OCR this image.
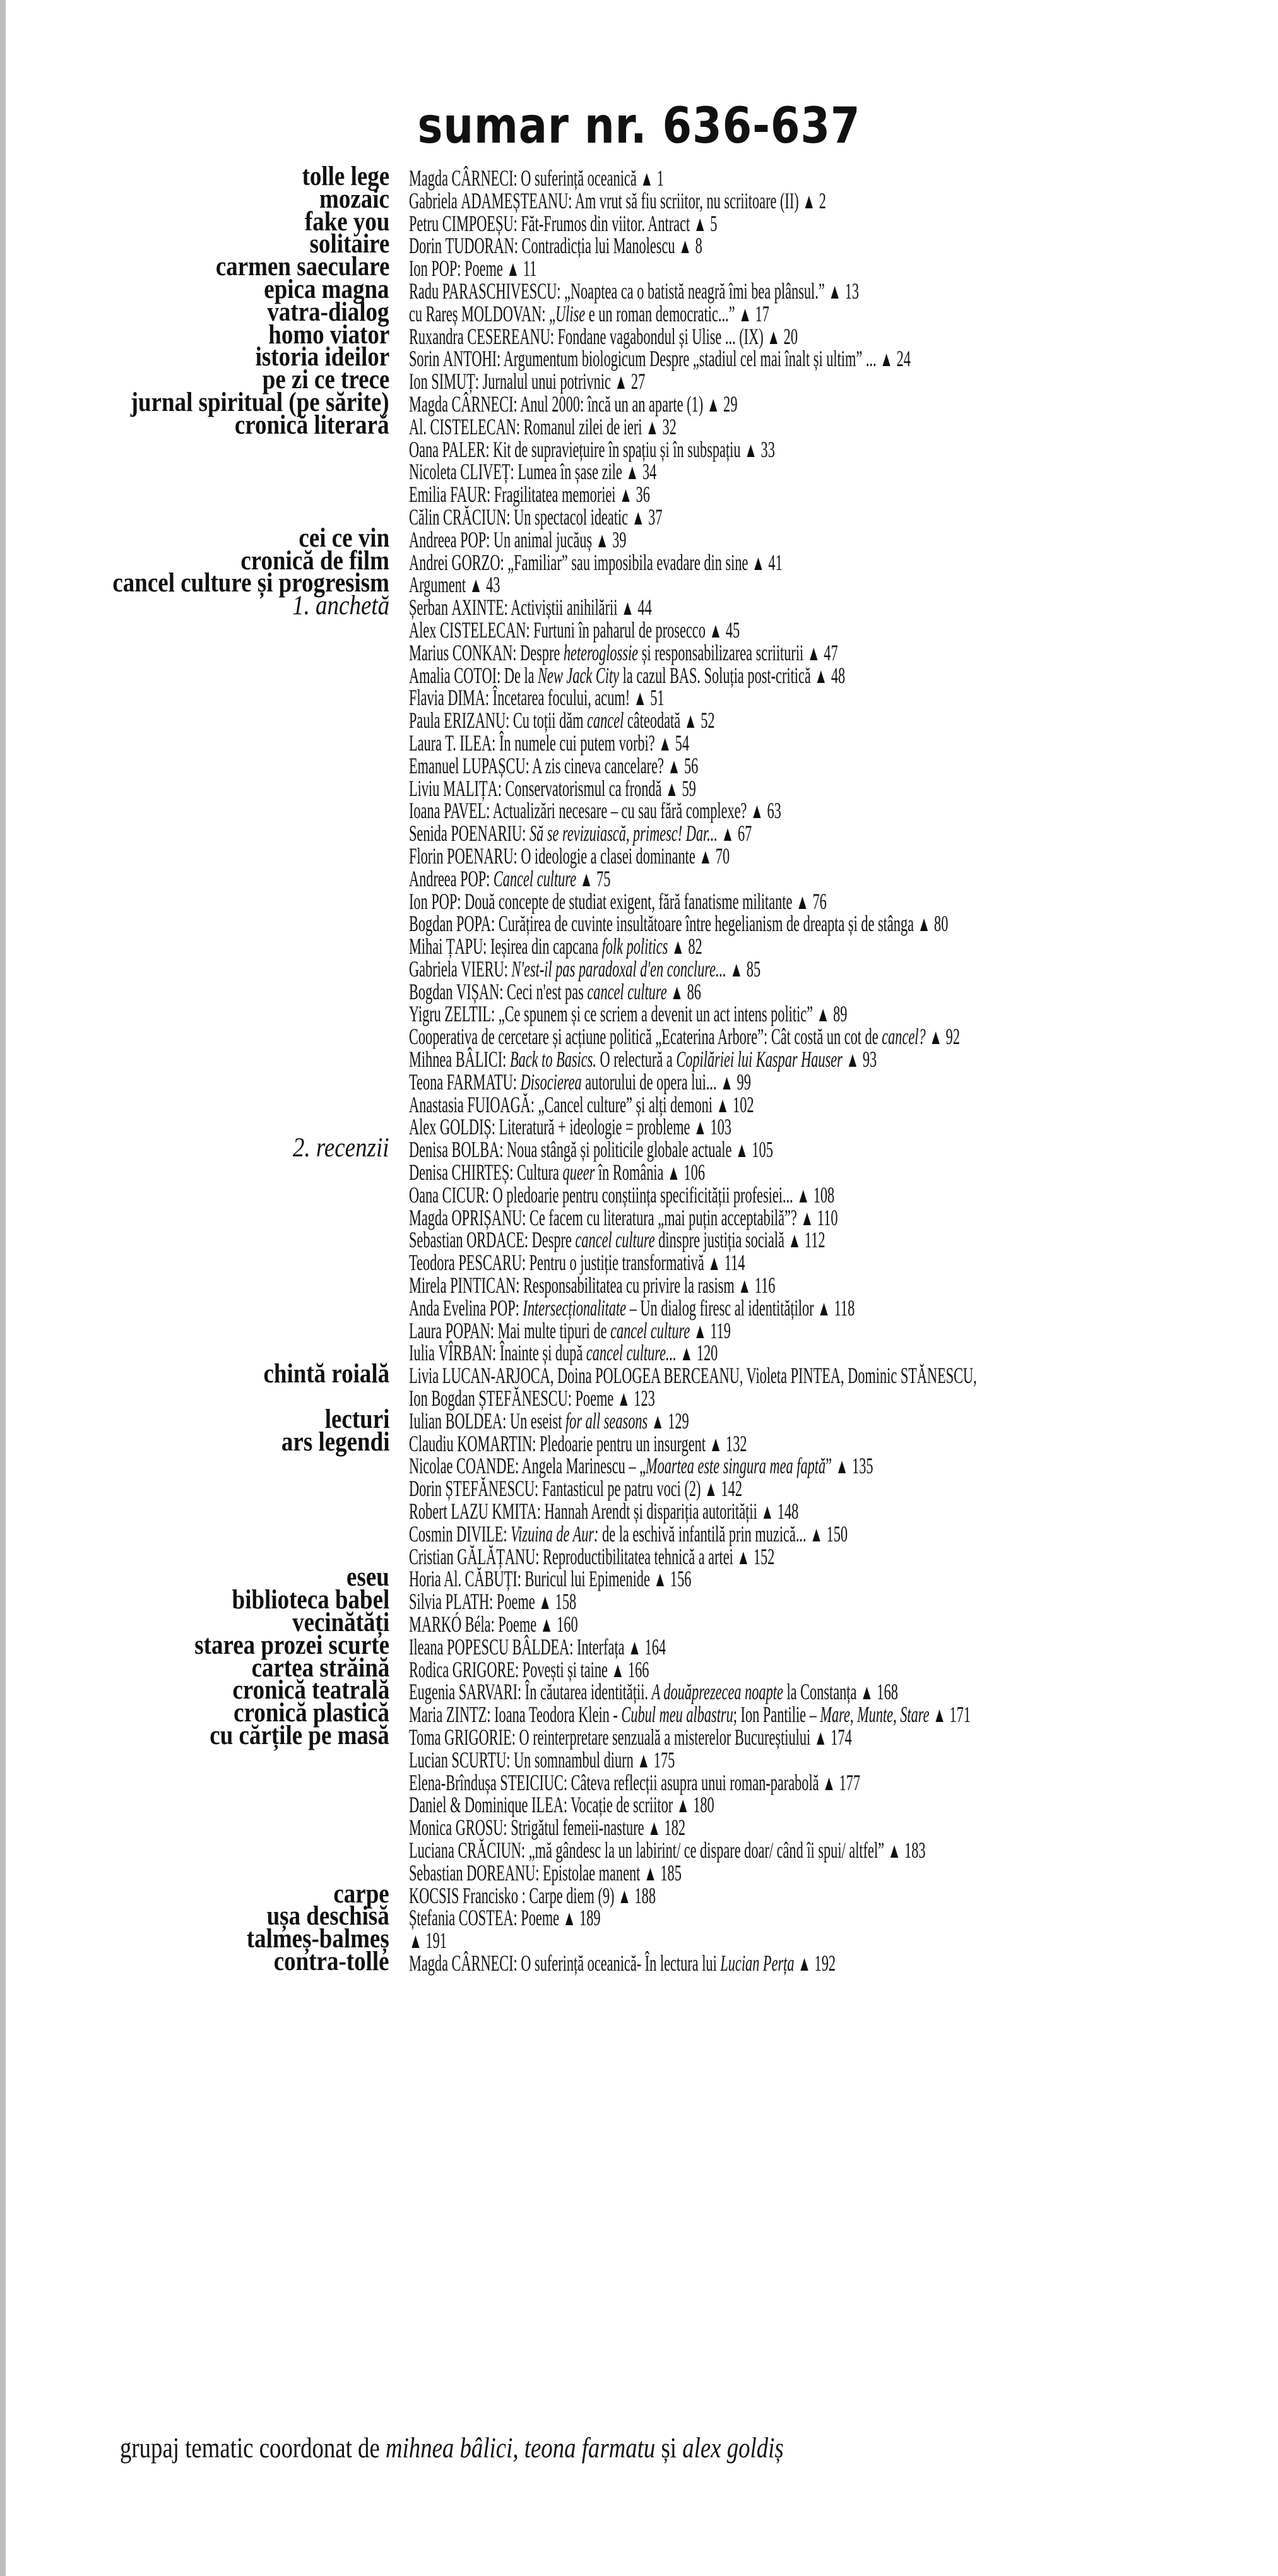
sumar nr. 636-637
tolle lege Magda CÂRNECI: O suferință oceanică ▲ 1
mozaic Gabriela ADAMEȘTEANU: Am vrut să fiu scriitor, nu scriitoare (II) ▲ 2
fake you Petru CIMPOEȘU: Făt-Frumos din viitor. Antract ▲ 5
solitaire Dorin TUDORAN: Contradicția lui Manolescu ▲ 8
carmen saeculare Ion POP: Poeme ▲ 11
epica magna Radu PARASCHIVESCU: „Noaptea ca o batistă neagră îmi bea plânsul.” ▲ 13
vatra-dialog cu Rareș MOLDOVAN: „Ulise e un roman democratic...” ▲ 17
homo viator Ruxandra CESEREANU: Fondane vagabondul și Ulise ... (IX) ▲ 20
istoria ideilor Sorin ANTOHI: Argumentum biologicum Despre „stadiul cel mai înalt și ultim” ... ▲ 24
pe zi ce trece Ion SIMUȚ: Jurnalul unui potrivnic ▲ 27
jurnal spiritual (pe sărite) Magda CÂRNECI: Anul 2000: încă un an aparte (1) ▲ 29
cronică literară Al. CISTELECAN: Romanul zilei de ieri ▲ 32
Oana PALER: Kit de supraviețuire în spațiu și în subspațiu ▲ 33
Nicoleta CLIVEȚ: Lumea în șase zile ▲ 34
Emilia FAUR: Fragilitatea memoriei ▲ 36
Călin CRĂCIUN: Un spectacol ideatic ▲ 37
cei ce vin Andreea POP: Un animal jucăuș ▲ 39
cronică de film Andrei GORZO: „Familiar” sau imposibila evadare din sine ▲ 41
cancel culture și progresism Argument ▲ 43
1. anchetă Șerban AXINTE: Activiștii anihilării ▲ 44
Alex CISTELECAN: Furtuni în paharul de prosecco ▲ 45
Marius CONKAN: Despre heteroglossie și responsabilizarea scriiturii ▲ 47
Amalia COTOI: De la New Jack City la cazul BAS. Soluția post-critică ▲ 48
Flavia DIMA: Încetarea focului, acum! ▲ 51
Paula ERIZANU: Cu toții dăm cancel câteodată ▲ 52
Laura T. ILEA: În numele cui putem vorbi? ▲ 54
Emanuel LUPAȘCU: A zis cineva cancelare? ▲ 56
Liviu MALIȚA: Conservatorismul ca frondă ▲ 59
Ioana PAVEL: Actualizări necesare – cu sau fără complexe? ▲ 63
Senida POENARIU: Să se revizuiască, primesc! Dar... ▲ 67
Florin POENARU: O ideologie a clasei dominante ▲ 70
Andreea POP: Cancel culture ▲ 75
Ion POP: Două concepte de studiat exigent, fără fanatisme militante ▲ 76
Bogdan POPA: Curățirea de cuvinte insultătoare între hegelianism de dreapta și de stânga ▲ 80
Mihai ȚAPU: Ieșirea din capcana folk politics ▲ 82
Gabriela VIERU: N'est-il pas paradoxal d'en conclure... ▲ 85
Bogdan VIȘAN: Ceci n'est pas cancel culture ▲ 86
Yigru ZELTIL: „Ce spunem și ce scriem a devenit un act intens politic” ▲ 89
Cooperativa de cercetare și acțiune politică „Ecaterina Arbore”: Cât costă un cot de cancel? ▲ 92
Mihnea BÂLICI: Back to Basics. O relectură a Copilăriei lui Kaspar Hauser ▲ 93
Teona FARMATU: Disocierea autorului de opera lui... ▲ 99
Anastasia FUIOAGĂ: „Cancel culture” și alți demoni ▲ 102
Alex GOLDIȘ: Literatură + ideologie = probleme ▲ 103
2. recenzii Denisa BOLBA: Noua stângă și politicile globale actuale ▲ 105
Denisa CHIRTEȘ: Cultura queer în România ▲ 106
Oana CICUR: O pledoarie pentru conștiința specificității profesiei... ▲ 108
Magda OPRIȘANU: Ce facem cu literatura „mai puțin acceptabilă”? ▲ 110
Sebastian ORDACE: Despre cancel culture dinspre justiția socială ▲ 112
Teodora PESCARU: Pentru o justiție transformativă ▲ 114
Mirela PINTICAN: Responsabilitatea cu privire la rasism ▲ 116
Anda Evelina POP: Intersecționalitate – Un dialog firesc al identităților ▲ 118
Laura POPAN: Mai multe tipuri de cancel culture ▲ 119
Iulia VÎRBAN: Înainte și după cancel culture... ▲ 120
chintă roială Livia LUCAN-ARJOCA, Doina POLOGEA BERCEANU, Violeta PINTEA, Dominic STĂNESCU,
Ion Bogdan ȘTEFĂNESCU: Poeme ▲ 123
lecturi Iulian BOLDEA: Un eseist for all seasons ▲ 129
ars legendi Claudiu KOMARTIN: Pledoarie pentru un insurgent ▲ 132
Nicolae COANDE: Angela Marinescu – „Moartea este singura mea faptă” ▲ 135
Dorin ȘTEFĂNESCU: Fantasticul pe patru voci (2) ▲ 142
Robert LAZU KMITA: Hannah Arendt și dispariția autorității ▲ 148
Cosmin DIVILE: Vizuina de Aur: de la eschivă infantilă prin muzică... ▲ 150
Cristian GĂLĂȚANU: Reproductibilitatea tehnică a artei ▲ 152
eseu Horia Al. CĂBUȚI: Buricul lui Epimenide ▲ 156
biblioteca babel Silvia PLATH: Poeme ▲ 158
vecinătăți MARKÓ Béla: Poeme ▲ 160
starea prozei scurte Ileana POPESCU BÂLDEA: Interfața ▲ 164
cartea străină Rodica GRIGORE: Povești și taine ▲ 166
cronică teatrală Eugenia SARVARI: În căutarea identității. A douăprezecea noapte la Constanța ▲ 168
cronică plastică Maria ZINTZ: Ioana Teodora Klein - Cubul meu albastru; Ion Pantilie – Mare, Munte, Stare ▲ 171
cu cărțile pe masă Toma GRIGORIE: O reinterpretare senzuală a misterelor Bucureștiului ▲ 174
Lucian SCURTU: Un somnambul diurn ▲ 175
Elena-Brîndușa STEICIUC: Câteva reflecții asupra unui roman-parabolă ▲ 177
Daniel & Dominique ILEA: Vocație de scriitor ▲ 180
Monica GROSU: Strigătul femeii-nasture ▲ 182
Luciana CRĂCIUN: „mă gândesc la un labirint/ ce dispare doar/ când îi spui/ altfel” ▲ 183
Sebastian DOREANU: Epistolae manent ▲ 185
carpe KOCSIS Francisko : Carpe diem (9) ▲ 188
ușa deschisă Ștefania COSTEA: Poeme ▲ 189
talmeș-balmeș ▲ 191
contra-tolle Magda CÂRNECI: O suferință oceanică- În lectura lui Lucian Perța ▲ 192
grupaj tematic coordonat de mihnea bâlici, teona farmatu și alex goldiș
